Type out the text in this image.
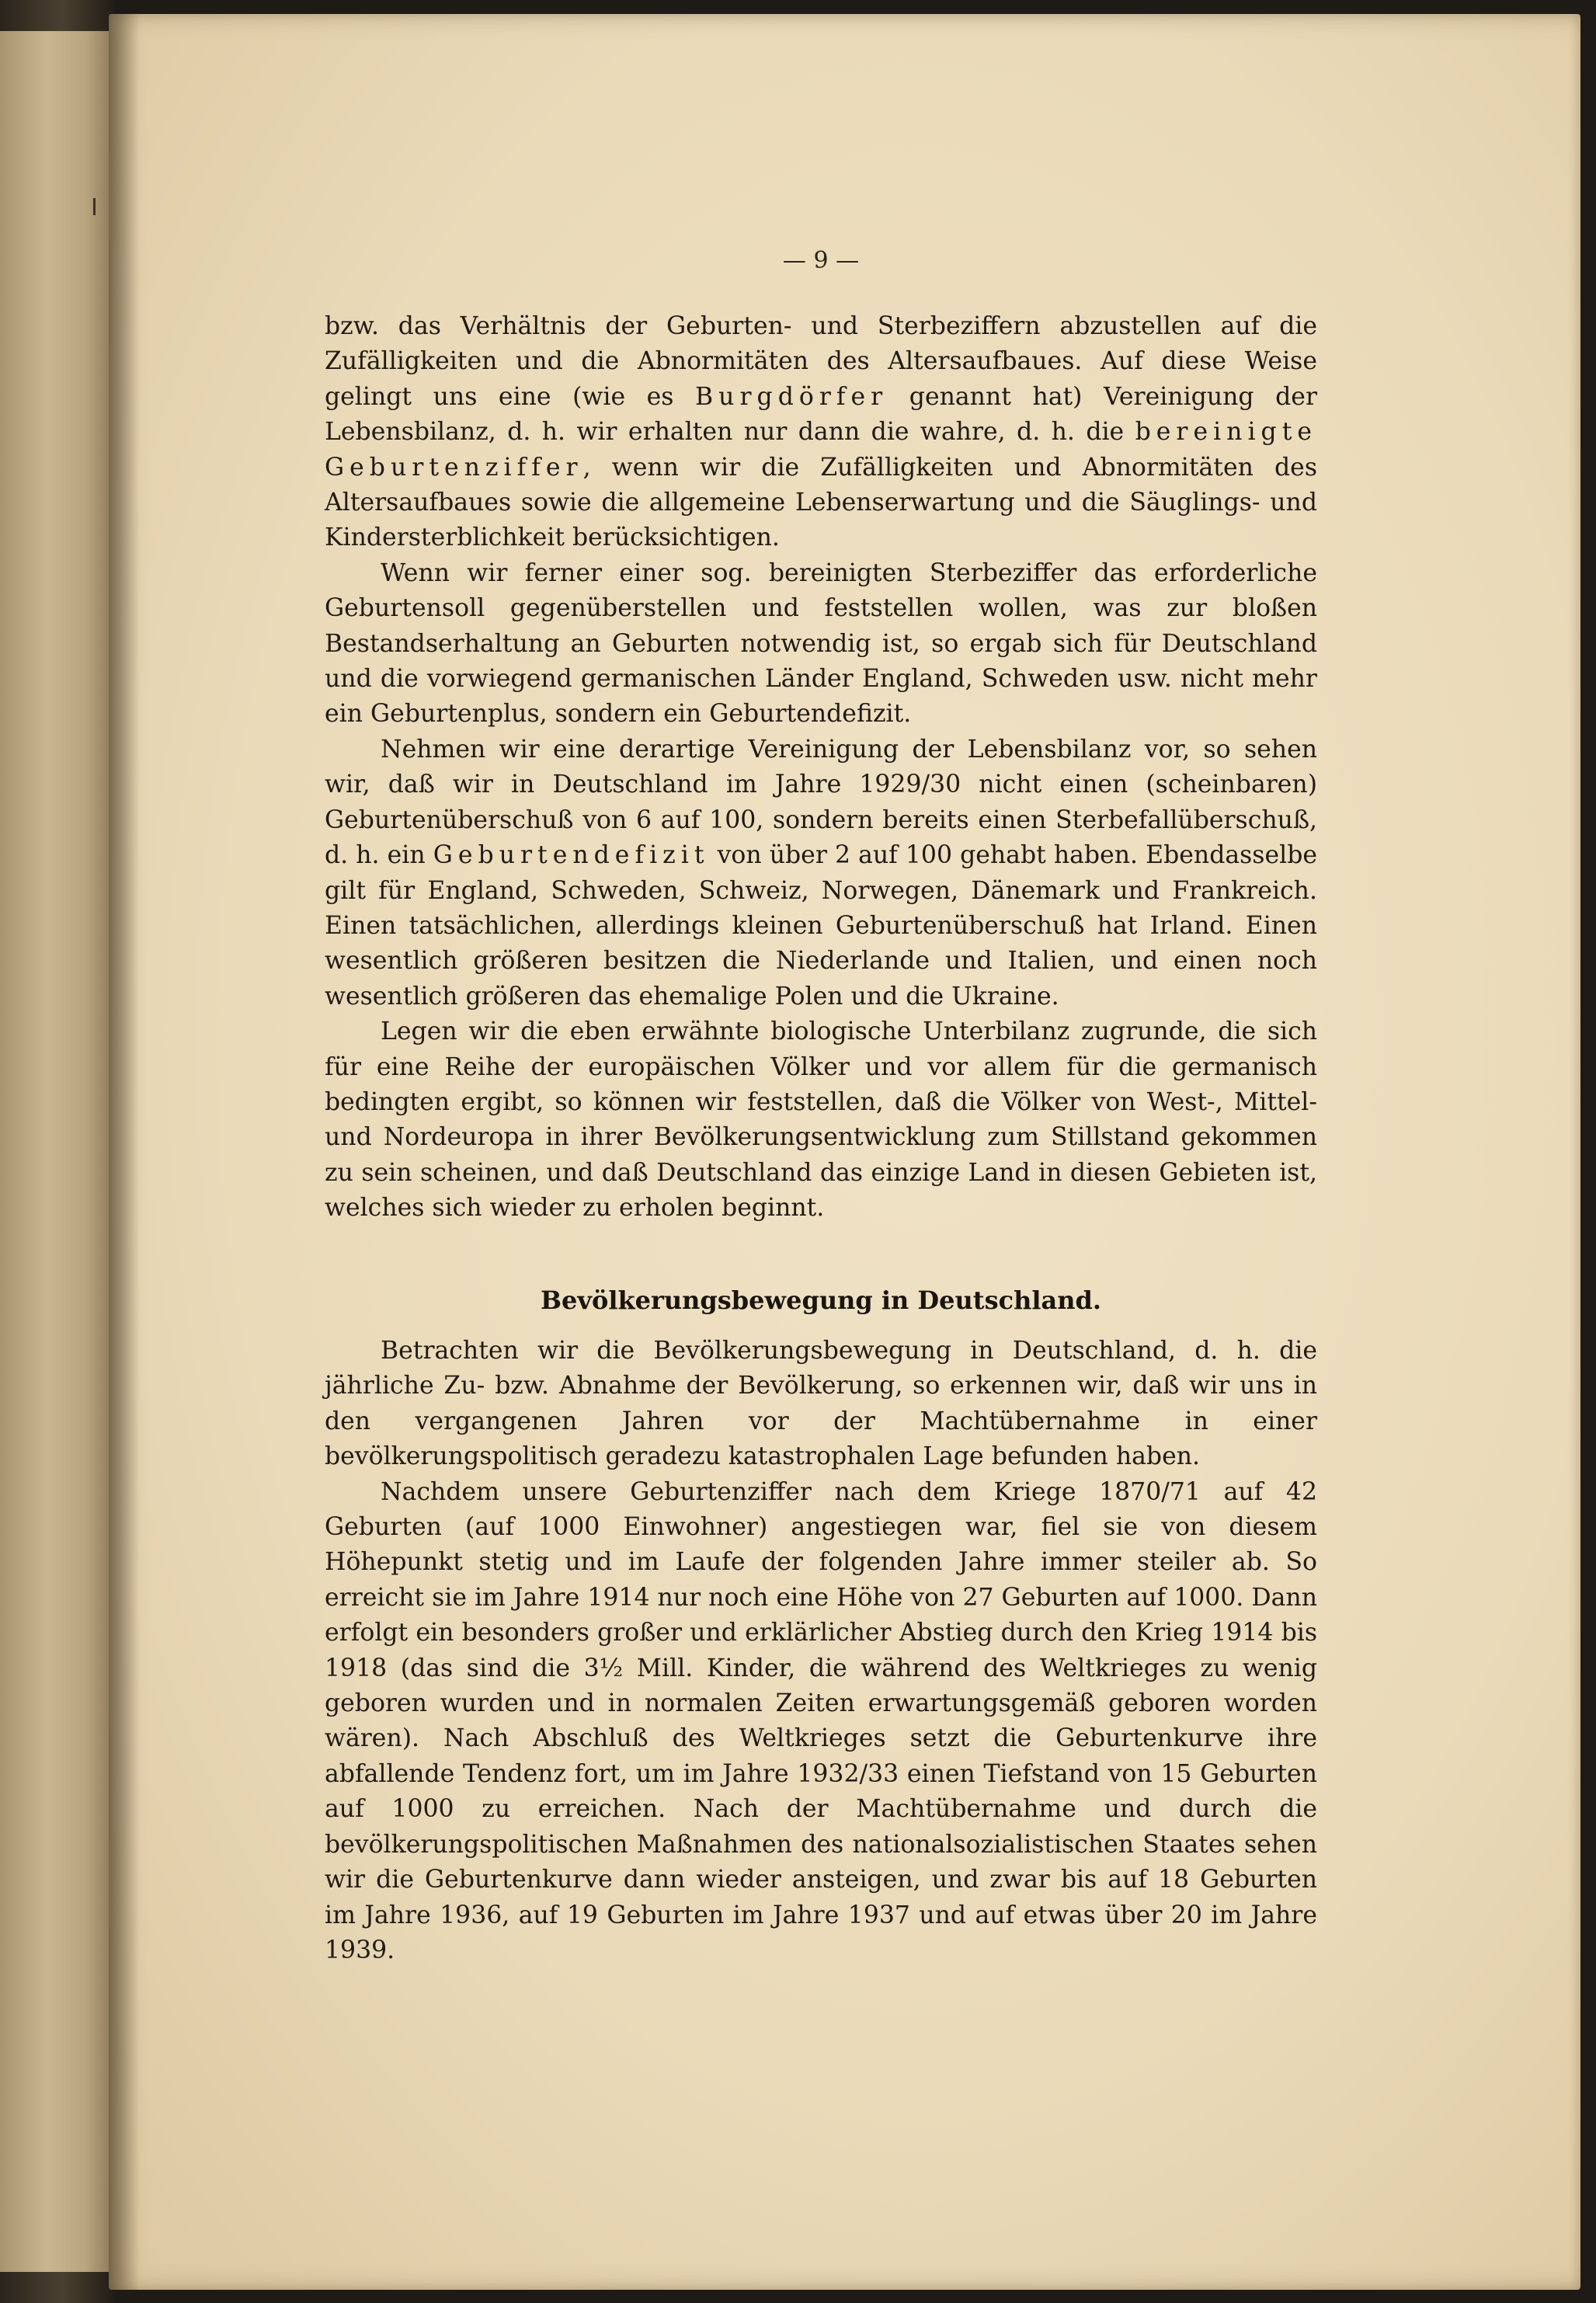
— 9 —

bzw. das Verhältnis der Geburten- und Sterbeziffern abzustellen auf die Zufälligkeiten und die Abnormitäten des Altersaufbaues. Auf diese Weise gelingt uns eine (wie es Burgdörfer genannt hat) Vereinigung der Lebensbilanz, d. h. wir erhalten nur dann die wahre, d. h. die bereinigte Geburtenziffer, wenn wir die Zufälligkeiten und Abnormitäten des Altersaufbaues sowie die allgemeine Lebenserwartung und die Säuglings- und Kindersterblichkeit berücksichtigen.

Wenn wir ferner einer sog. bereinigten Sterbeziffer das erforderliche Geburtensoll gegenüberstellen und feststellen wollen, was zur bloßen Bestandserhaltung an Geburten notwendig ist, so ergab sich für Deutschland und die vorwiegend germanischen Länder England, Schweden usw. nicht mehr ein Geburtenplus, sondern ein Geburtendefizit.

Nehmen wir eine derartige Vereinigung der Lebensbilanz vor, so sehen wir, daß wir in Deutschland im Jahre 1929/30 nicht einen (scheinbaren) Geburtenüberschuß von 6 auf 100, sondern bereits einen Sterbefallüberschuß, d. h. ein Geburtendefizit von über 2 auf 100 gehabt haben. Ebendasselbe gilt für England, Schweden, Schweiz, Norwegen, Dänemark und Frankreich. Einen tatsächlichen, allerdings kleinen Geburtenüberschuß hat Irland. Einen wesentlich größeren besitzen die Niederlande und Italien, und einen noch wesentlich größeren das ehemalige Polen und die Ukraine.

Legen wir die eben erwähnte biologische Unterbilanz zugrunde, die sich für eine Reihe der europäischen Völker und vor allem für die germanisch bedingten ergibt, so können wir feststellen, daß die Völker von West-, Mittel- und Nordeuropa in ihrer Bevölkerungsentwicklung zum Stillstand gekommen zu sein scheinen, und daß Deutschland das einzige Land in diesen Gebieten ist, welches sich wieder zu erholen beginnt.

Bevölkerungsbewegung in Deutschland.

Betrachten wir die Bevölkerungsbewegung in Deutschland, d. h. die jährliche Zu- bzw. Abnahme der Bevölkerung, so erkennen wir, daß wir uns in den vergangenen Jahren vor der Machtübernahme in einer bevölkerungspolitisch geradezu katastrophalen Lage befunden haben.

Nachdem unsere Geburtenziffer nach dem Kriege 1870/71 auf 42 Geburten (auf 1000 Einwohner) angestiegen war, fiel sie von diesem Höhepunkt stetig und im Laufe der folgenden Jahre immer steiler ab. So erreicht sie im Jahre 1914 nur noch eine Höhe von 27 Geburten auf 1000. Dann erfolgt ein besonders großer und erklärlicher Abstieg durch den Krieg 1914 bis 1918 (das sind die 3½ Mill. Kinder, die während des Weltkrieges zu wenig geboren wurden und in normalen Zeiten erwartungsgemäß geboren worden wären). Nach Abschluß des Weltkrieges setzt die Geburtenkurve ihre abfallende Tendenz fort, um im Jahre 1932/33 einen Tiefstand von 15 Geburten auf 1000 zu erreichen. Nach der Machtübernahme und durch die bevölkerungspolitischen Maßnahmen des nationalsozialistischen Staates sehen wir die Geburtenkurve dann wieder ansteigen, und zwar bis auf 18 Geburten im Jahre 1936, auf 19 Geburten im Jahre 1937 und auf etwas über 20 im Jahre 1939.
